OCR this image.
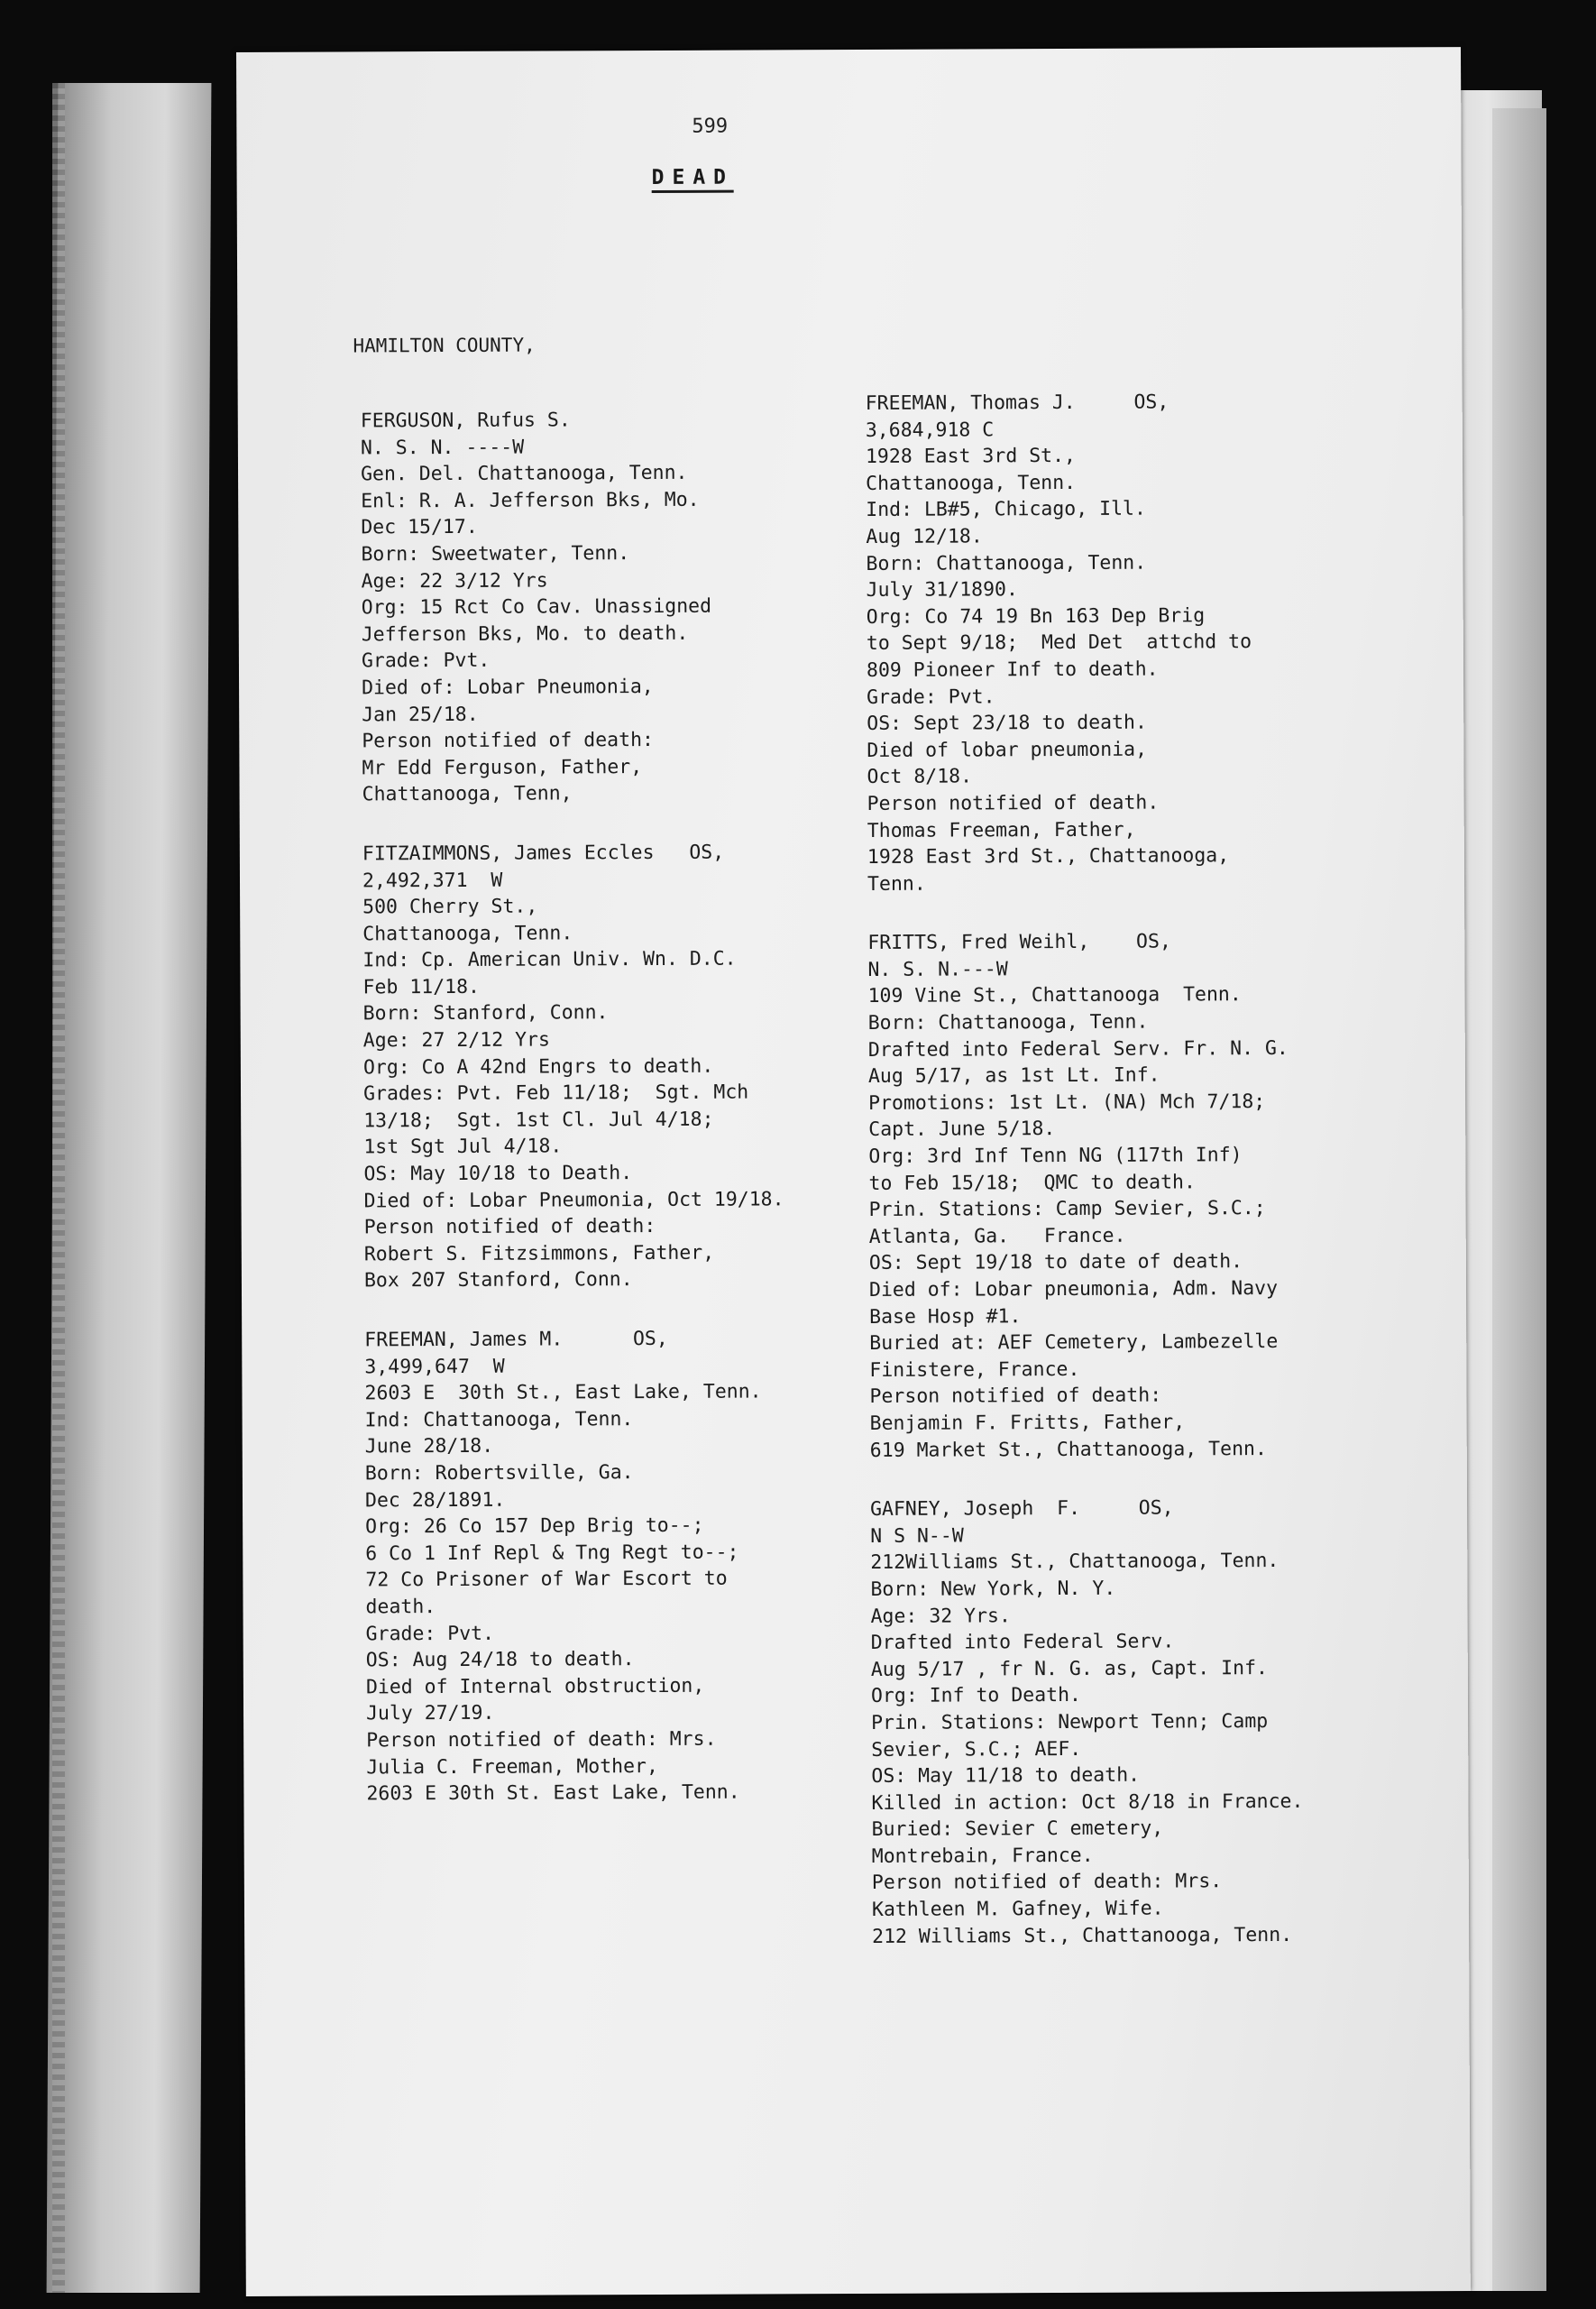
599
DEAD
HAMILTON COUNTY,
FERGUSON, Rufus S.
N. S. N. ----W
Gen. Del. Chattanooga, Tenn.
Enl: R. A. Jefferson Bks, Mo.
Dec 15/17.
Born: Sweetwater, Tenn.
Age: 22 3/12 Yrs
Org: 15 Rct Co Cav. Unassigned
Jefferson Bks, Mo. to death.
Grade: Pvt.
Died of: Lobar Pneumonia,
Jan 25/18.
Person notified of death:
Mr Edd Ferguson, Father,
Chattanooga, Tenn,
FITZAIMMONS, James Eccles   OS,
2,492,371  W
500 Cherry St.,
Chattanooga, Tenn.
Ind: Cp. American Univ. Wn. D.C.
Feb 11/18.
Born: Stanford, Conn.
Age: 27 2/12 Yrs
Org: Co A 42nd Engrs to death.
Grades: Pvt. Feb 11/18;  Sgt. Mch
13/18;  Sgt. 1st Cl. Jul 4/18;
1st Sgt Jul 4/18.
OS: May 10/18 to Death.
Died of: Lobar Pneumonia, Oct 19/18.
Person notified of death:
Robert S. Fitzsimmons, Father,
Box 207 Stanford, Conn.
FREEMAN, James M.      OS,
3,499,647  W
2603 E  30th St., East Lake, Tenn.
Ind: Chattanooga, Tenn.
June 28/18.
Born: Robertsville, Ga.
Dec 28/1891.
Org: 26 Co 157 Dep Brig to--;
6 Co 1 Inf Repl & Tng Regt to--;
72 Co Prisoner of War Escort to
death.
Grade: Pvt.
OS: Aug 24/18 to death.
Died of Internal obstruction,
July 27/19.
Person notified of death: Mrs.
Julia C. Freeman, Mother,
2603 E 30th St. East Lake, Tenn.
FREEMAN, Thomas J.     OS,
3,684,918 C
1928 East 3rd St.,
Chattanooga, Tenn.
Ind: LB#5, Chicago, Ill.
Aug 12/18.
Born: Chattanooga, Tenn.
July 31/1890.
Org: Co 74 19 Bn 163 Dep Brig
to Sept 9/18;  Med Det  attchd to
809 Pioneer Inf to death.
Grade: Pvt.
OS: Sept 23/18 to death.
Died of lobar pneumonia,
Oct 8/18.
Person notified of death.
Thomas Freeman, Father,
1928 East 3rd St., Chattanooga,
Tenn.
FRITTS, Fred Weihl,    OS,
N. S. N.---W
109 Vine St., Chattanooga  Tenn.
Born: Chattanooga, Tenn.
Drafted into Federal Serv. Fr. N. G.
Aug 5/17, as 1st Lt. Inf.
Promotions: 1st Lt. (NA) Mch 7/18;
Capt. June 5/18.
Org: 3rd Inf Tenn NG (117th Inf)
to Feb 15/18;  QMC to death.
Prin. Stations: Camp Sevier, S.C.;
Atlanta, Ga.   France.
OS: Sept 19/18 to date of death.
Died of: Lobar pneumonia, Adm. Navy
Base Hosp #1.
Buried at: AEF Cemetery, Lambezelle
Finistere, France.
Person notified of death:
Benjamin F. Fritts, Father,
619 Market St., Chattanooga, Tenn.
GAFNEY, Joseph  F.     OS,
N S N--W
212Williams St., Chattanooga, Tenn.
Born: New York, N. Y.
Age: 32 Yrs.
Drafted into Federal Serv.
Aug 5/17 , fr N. G. as, Capt. Inf.
Org: Inf to Death.
Prin. Stations: Newport Tenn; Camp
Sevier, S.C.; AEF.
OS: May 11/18 to death.
Killed in action: Oct 8/18 in France.
Buried: Sevier C emetery,
Montrebain, France.
Person notified of death: Mrs.
Kathleen M. Gafney, Wife.
212 Williams St., Chattanooga, Tenn.
